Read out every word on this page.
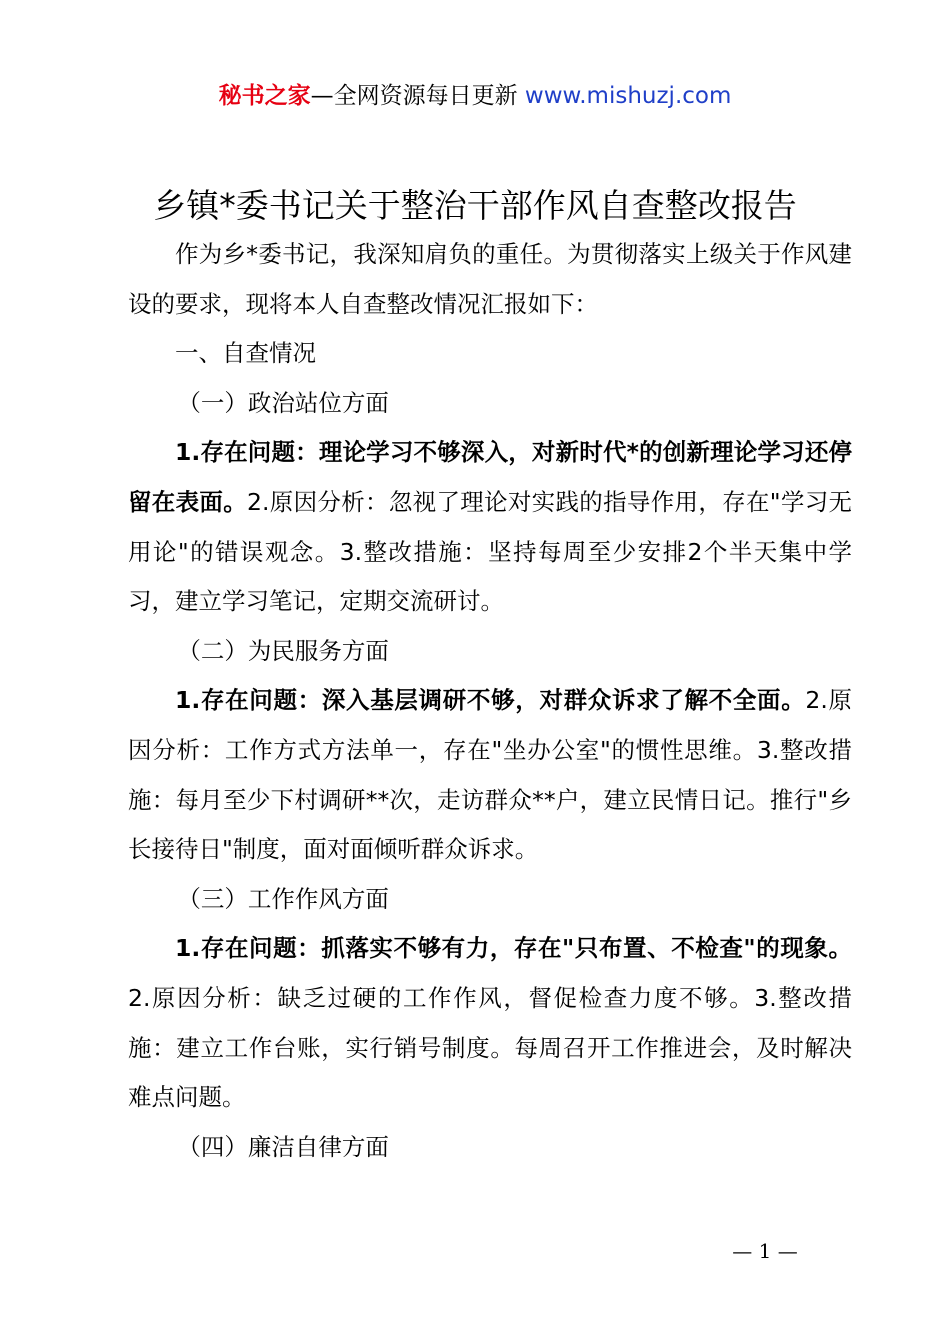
秘书之家—全网资源每日更新 www.mishuzj.com
乡镇*委书记关于整治干部作风自查整改报告

作为乡*委书记，我深知肩负的重任。为贯彻落实上级关于作风建设的要求，现将本人自查整改情况汇报如下：

一、自查情况

（一）政治站位方面

1.存在问题：理论学习不够深入，对新时代*的创新理论学习还停留在表面。2.原因分析：忽视了理论对实践的指导作用，存在"学习无用论"的错误观念。3.整改措施：坚持每周至少安排2个半天集中学习，建立学习笔记，定期交流研讨。

（二）为民服务方面

1.存在问题：深入基层调研不够，对群众诉求了解不全面。2.原因分析：工作方式方法单一，存在"坐办公室"的惯性思维。3.整改措施：每月至少下村调研**次，走访群众**户，建立民情日记。推行"乡长接待日"制度，面对面倾听群众诉求。

（三）工作作风方面

1.存在问题：抓落实不够有力，存在"只布置、不检查"的现象。2.原因分析：缺乏过硬的工作作风，督促检查力度不够。3.整改措施：建立工作台账，实行销号制度。每周召开工作推进会，及时解决难点问题。

（四）廉洁自律方面

— 1 —
